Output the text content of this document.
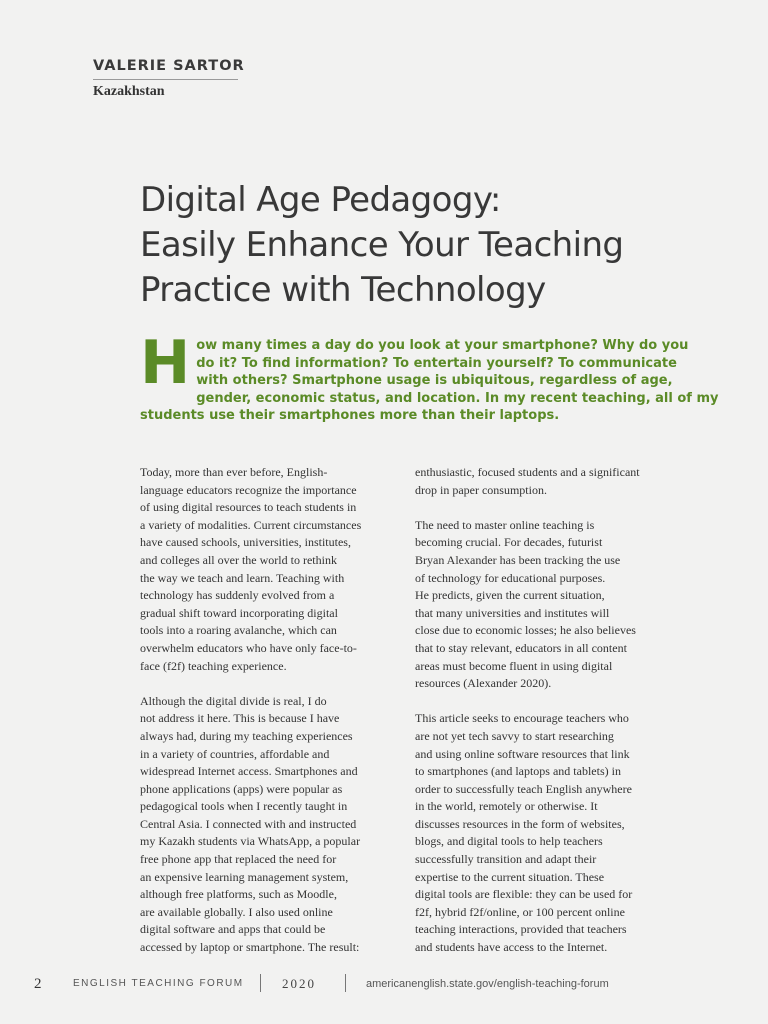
VALERIE SARTOR
Kazakhstan
Digital Age Pedagogy:
Easily Enhance Your Teaching
Practice with Technology
H ow many times a day do you look at your smartphone? Why do you
do it? To find information? To entertain yourself? To communicate
with others? Smartphone usage is ubiquitous, regardless of age,
gender, economic status, and location. In my recent teaching, all of my
students use their smartphones more than their laptops.

Today, more than ever before, English-
language educators recognize the importance
of using digital resources to teach students in
a variety of modalities. Current circumstances
have caused schools, universities, institutes,
and colleges all over the world to rethink
the way we teach and learn. Teaching with
technology has suddenly evolved from a
gradual shift toward incorporating digital
tools into a roaring avalanche, which can
overwhelm educators who have only face-to-
face (f2f) teaching experience.

Although the digital divide is real, I do
not address it here. This is because I have
always had, during my teaching experiences
in a variety of countries, affordable and
widespread Internet access. Smartphones and
phone applications (apps) were popular as
pedagogical tools when I recently taught in
Central Asia. I connected with and instructed
my Kazakh students via WhatsApp, a popular
free phone app that replaced the need for
an expensive learning management system,
although free platforms, such as Moodle,
are available globally. I also used online
digital software and apps that could be
accessed by laptop or smartphone. The result:

enthusiastic, focused students and a significant
drop in paper consumption.

The need to master online teaching is
becoming crucial. For decades, futurist
Bryan Alexander has been tracking the use
of technology for educational purposes.
He predicts, given the current situation,
that many universities and institutes will
close due to economic losses; he also believes
that to stay relevant, educators in all content
areas must become fluent in using digital
resources (Alexander 2020).

This article seeks to encourage teachers who
are not yet tech savvy to start researching
and using online software resources that link
to smartphones (and laptops and tablets) in
order to successfully teach English anywhere
in the world, remotely or otherwise. It
discusses resources in the form of websites,
blogs, and digital tools to help teachers
successfully transition and adapt their
expertise to the current situation. These
digital tools are flexible: they can be used for
f2f, hybrid f2f/online, or 100 percent online
teaching interactions, provided that teachers
and students have access to the Internet.

2	ENGLISH TEACHING FORUM	2020	americanenglish.state.gov/english-teaching-forum
